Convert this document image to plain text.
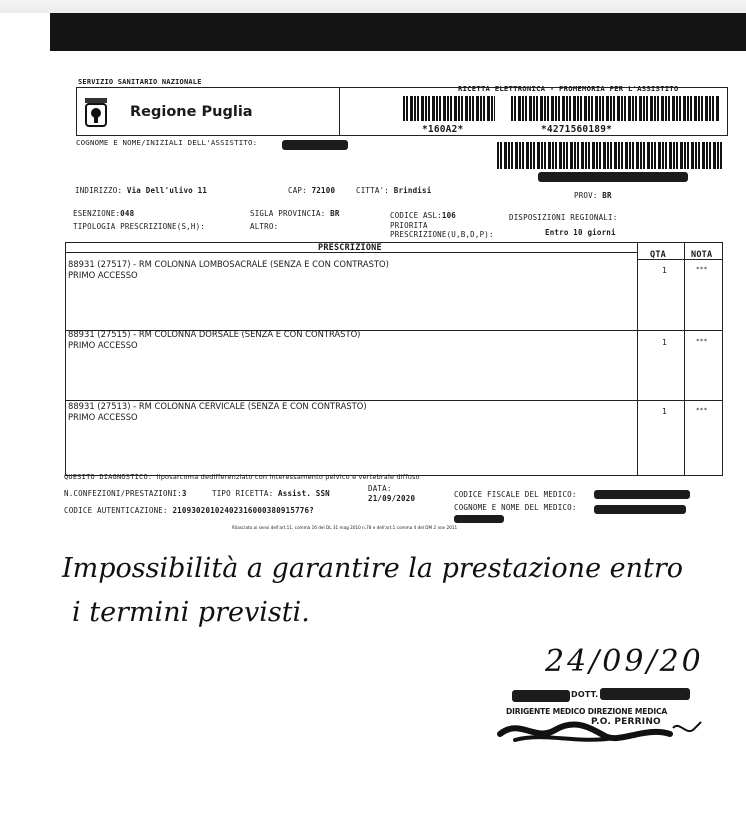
SERVIZIO SANITARIO NAZIONALE
RICETTA ELETTRONICA - PROMEMORIA PER L'ASSISTITO
Regione Puglia
*160A2*	*4271560189*
COGNOME E NOME/INIZIALI DELL'ASSISTITO:
INDIRIZZO: Via Dell'ulivo 11	CAP: 72100	CITTA': Brindisi
PROV: BR
ESENZIONE:048	SIGLA PROVINCIA: BR	CODICE ASL:106	DISPOSIZIONI REGIONALI:
TIPOLOGIA PRESCRIZIONE(S,H):	ALTRO:	PRIORITA
PRESCRIZIONE(U,B,D,P):	Entro 10 giorni
PRESCRIZIONE
QTA	NOTA
88931 (27517) - RM COLONNA LOMBOSACRALE (SENZA E CON CONTRASTO)
PRIMO ACCESSO	1	***
88931 (27515) - RM COLONNA DORSALE (SENZA E CON CONTRASTO)
PRIMO ACCESSO	1	***
88931 (27513) - RM COLONNA CERVICALE (SENZA E CON CONTRASTO)
PRIMO ACCESSO
1	***
QUESITO DIAGNOSTICO: liposarcoma dedifferenziato con interessamento pelvico e vertebrale diffuso
N.CONFEZIONI/PRESTAZIONI:3	TIPO RICETTA: Assist. SSN
DATA:
21/09/2020	CODICE FISCALE DEL MEDICO:
CODICE AUTENTICAZIONE: 21093020102402316000380915776?	COGNOME E NOME DEL MEDICO:
Rilasciato ai sensi dell'art.11, comma 16 del DL 31 mag 2010 n.78 e dell'art.1 comma 4 del DM 2 nov 2011
Impossibilità a garantire la prestazione entro
i termini previsti.
24/09/20
DOTT.
DIRIGENTE MEDICO DIREZIONE MEDICA
P.O. PERRINO
